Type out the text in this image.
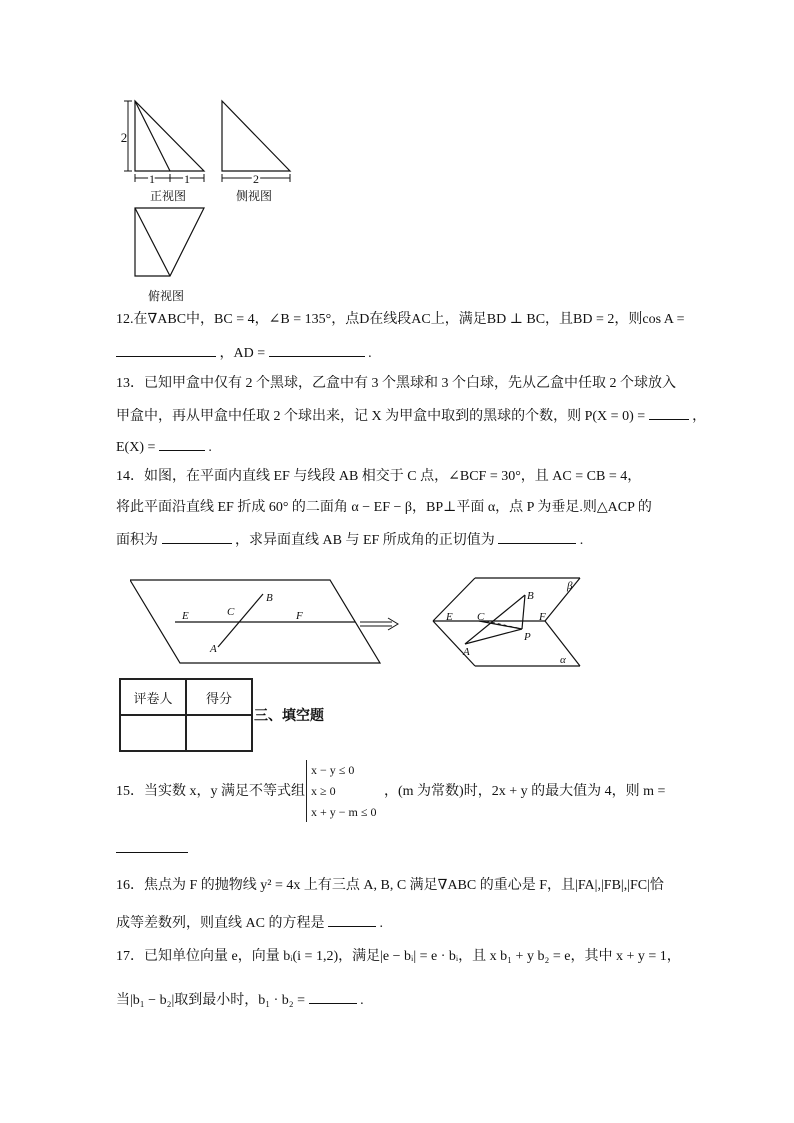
2
1 1
正视图
2
侧视图
俯视图
12.在∇ABC中，BC = 4，∠B = 135°，点D在线段AC上，满足BD ⊥ BC，且BD = 2，则cos A =
，AD =	.
13．已知甲盒中仅有 2 个黑球，乙盒中有 3 个黑球和 3 个白球，先从乙盒中任取 2 个球放入
甲盒中，再从甲盒中任取 2 个球出来，记 X 为甲盒中取到的黑球的个数，则 P(X = 0) =	，
E(X) =	.
14．如图，在平面内直线 EF 与线段 AB 相交于 C 点，∠BCF = 30°，且 AC = CB = 4，
将此平面沿直线 EF 折成 60° 的二面角 α − EF − β，BP⊥平面 α，点 P 为垂足.则△ACP 的
面积为	，求异面直线 AB 与 EF 所成角的正切值为	.
E	C
B
F
A
E C
B
F
A
P
β
α
评卷人	得分

三、填空题
15．当实数 x，y 满足不等式组
x − y ≤ 0
x ≥ 0
x + y − m ≤ 0
，(m 为常数)时，2x + y 的最大值为 4，则 m =
16．焦点为 F 的抛物线 y² = 4x 上有三点 A, B, C 满足∇ABC 的重心是 F，且|FA|,|FB|,|FC|恰
成等差数列，则直线 AC 的方程是	.
17．已知单位向量 e，向量 bᵢ(i = 1,2)，满足|e − bᵢ| = e · bᵢ，且 x b₁ + y b₂ = e，其中 x + y = 1，
当|b₁ − b₂|取到最小时，b₁ · b₂ =	.
